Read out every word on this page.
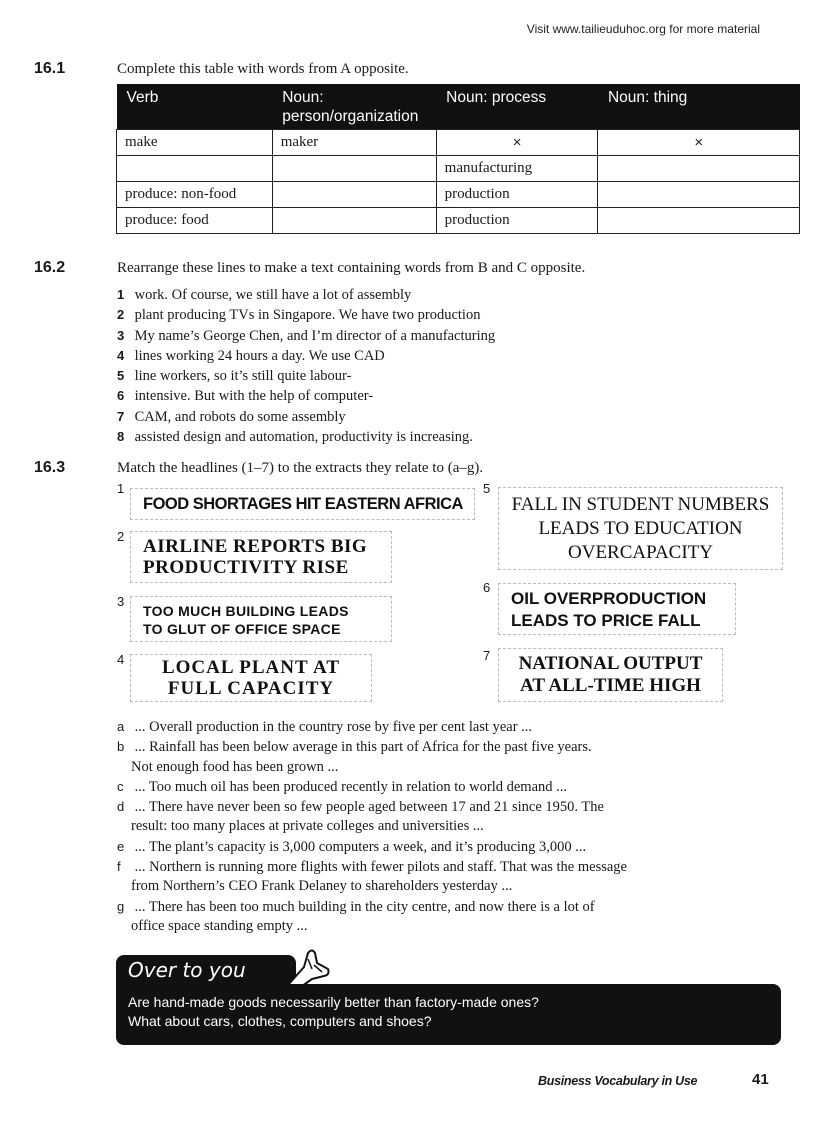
Visit www.tailieuduhoc.org for more material
16.1	Complete this table with words from A opposite.
Verb	Noun: person/organization	Noun: process	Noun: thing
make	maker	×	×
		manufacturing	
produce: non-food		production	
produce: food		production	
16.2	Rearrange these lines to make a text containing words from B and C opposite.
1 work. Of course, we still have a lot of assembly
2 plant producing TVs in Singapore. We have two production
3 My name’s George Chen, and I’m director of a manufacturing
4 lines working 24 hours a day. We use CAD
5 line workers, so it’s still quite labour-
6 intensive. But with the help of computer-
7 CAM, and robots do some assembly
8 assisted design and automation, productivity is increasing.
16.3	Match the headlines (1–7) to the extracts they relate to (a–g).
1
FOOD SHORTAGES HIT EASTERN AFRICA
2 AIRLINE REPORTS BIG
PRODUCTIVITY RISE
3
TOO MUCH BUILDING LEADS
TO GLUT OF OFFICE SPACE
4	LOCAL PLANT AT
FULL CAPACITY
5
FALL IN STUDENT NUMBERS
LEADS TO EDUCATION
OVERCAPACITY
6
OIL OVERPRODUCTION
LEADS TO PRICE FALL
7	NATIONAL OUTPUT
AT ALL-TIME HIGH
a ... Overall production in the country rose by five per cent last year ...
b ... Rainfall has been below average in this part of Africa for the past five years.
Not enough food has been grown ...
c ... Too much oil has been produced recently in relation to world demand ...
d ... There have never been so few people aged between 17 and 21 since 1950. The
result: too many places at private colleges and universities ...
e ... The plant’s capacity is 3,000 computers a week, and it’s producing 3,000 ...
f ... Northern is running more flights with fewer pilots and staff. That was the message
from Northern’s CEO Frank Delaney to shareholders yesterday ...
g ... There has been too much building in the city centre, and now there is a lot of
office space standing empty ...
Over to you
Are hand-made goods necessarily better than factory-made ones?
What about cars, clothes, computers and shoes?
Business Vocabulary in Use	41
